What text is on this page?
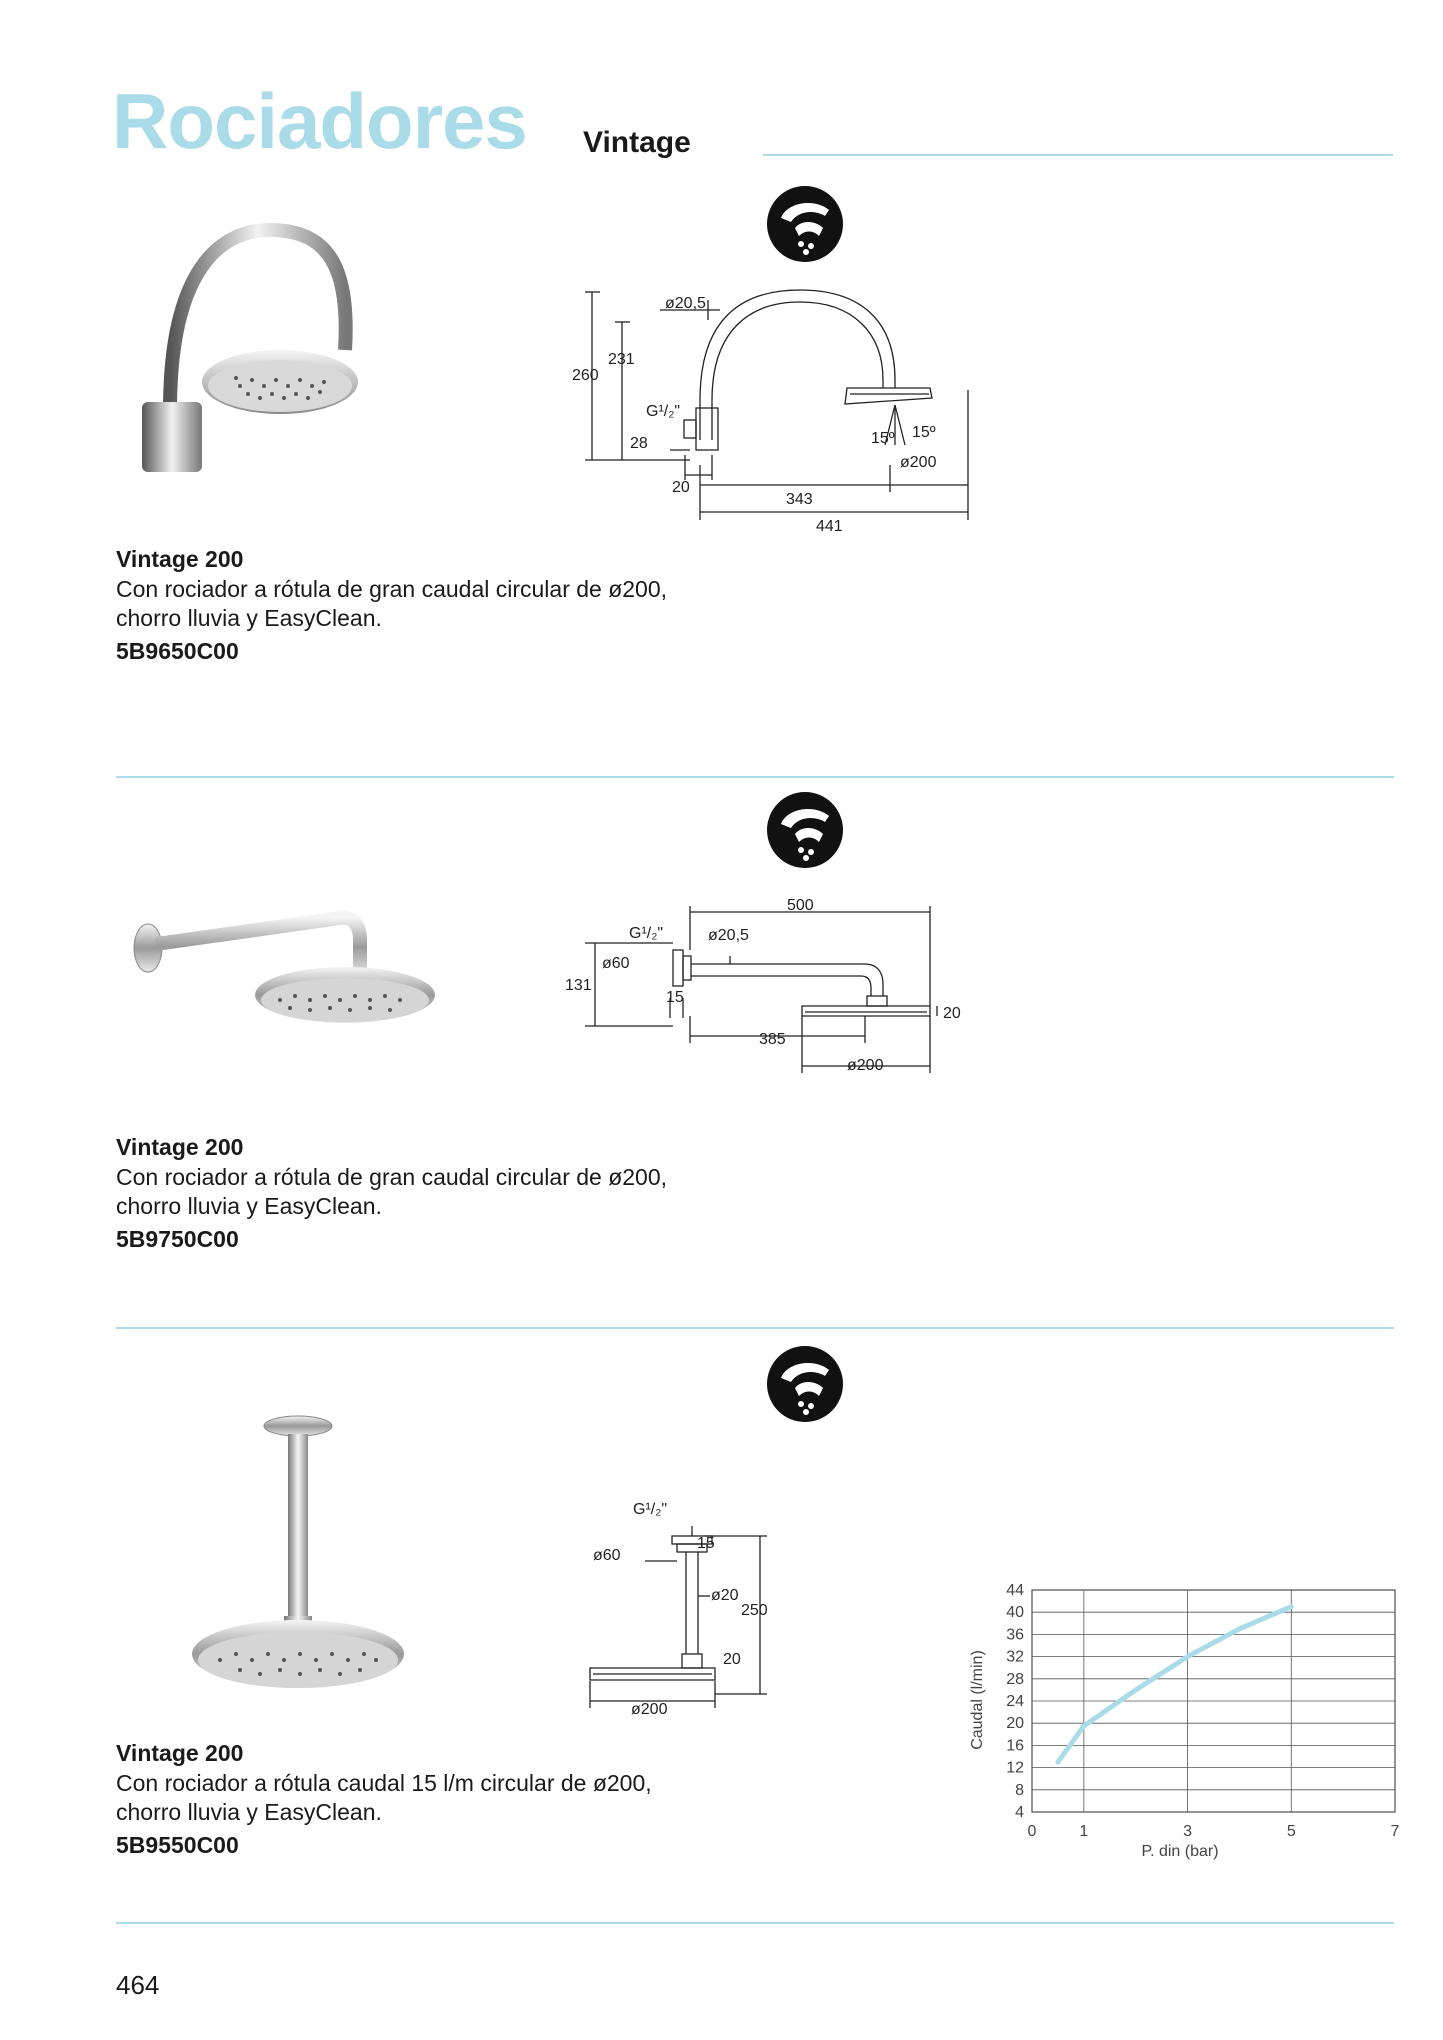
Rociadores Vintage
ø20,5
260
231
G¹/₂"
28
20
343
441
15º 15º
ø200
Vintage 200
Con rociador a rótula de gran caudal circular de ø200,
chorro lluvia y EasyClean.
5B9650C00
500
G¹/₂"	ø20,5
ø60
131
15
385
20
ø200
Vintage 200
Con rociador a rótula de gran caudal circular de ø200,
chorro lluvia y EasyClean.
5B9750C00
G¹/₂"
15
ø60
ø20
250
20
ø200
Vintage 200
Con rociador a rótula caudal 15 l/m circular de ø200,
chorro lluvia y EasyClean.
5B9550C00
4
8
12
16
20
24
28
32
36
40
44
0	1	3	5	7
P. din (bar)
Caudal (l/min)
464
